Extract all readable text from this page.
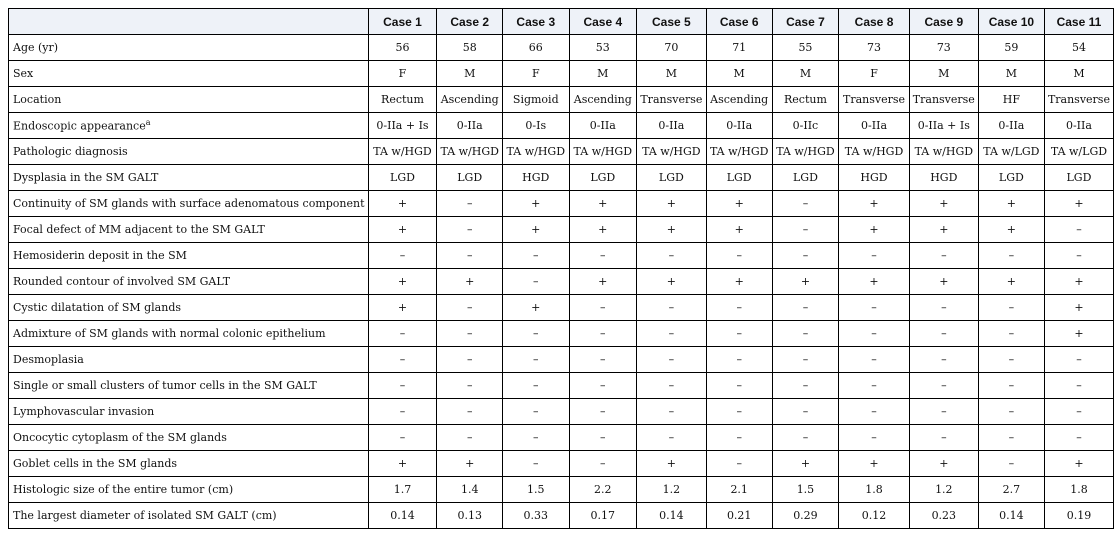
	Case 1	Case 2	Case 3	Case 4	Case 5	Case 6	Case 7	Case 8	Case 9	Case 10	Case 11
Age (yr)	56	58	66	53	70	71	55	73	73	59	54
Sex	F	M	F	M	M	M	M	F	M	M	M
Location	Rectum	Ascending	Sigmoid	Ascending	Transverse	Ascending	Rectum	Transverse	Transverse	HF	Transverse
Endoscopic appearance$^a$	0-IIa + Is	0-IIa	0-Is	0-IIa	0-IIa	0-IIa	0-IIc	0-IIa	0-IIa + Is	0-IIa	0-IIa
Pathologic diagnosis	TA w/HGD	TA w/HGD	TA w/HGD	TA w/HGD	TA w/HGD	TA w/HGD	TA w/HGD	TA w/HGD	TA w/HGD	TA w/LGD	TA w/LGD
Dysplasia in the SM GALT	LGD	LGD	HGD	LGD	LGD	LGD	LGD	HGD	HGD	LGD	LGD
Continuity of SM glands with surface adenomatous component	+	–	+	+	+	+	–	+	+	+	+
Focal defect of MM adjacent to the SM GALT	+	–	+	+	+	+	–	+	+	+	–
Hemosiderin deposit in the SM	–	–	–	–	–	–	–	–	–	–	–
Rounded contour of involved SM GALT	+	+	–	+	+	+	+	+	+	+	+
Cystic dilatation of SM glands	+	–	+	–	–	–	–	–	–	–	+
Admixture of SM glands with normal colonic epithelium	–	–	–	–	–	–	–	–	–	–	+
Desmoplasia	–	–	–	–	–	–	–	–	–	–	–
Single or small clusters of tumor cells in the SM GALT	–	–	–	–	–	–	–	–	–	–	–
Lymphovascular invasion	–	–	–	–	–	–	–	–	–	–	–
Oncocytic cytoplasm of the SM glands	–	–	–	–	–	–	–	–	–	–	–
Goblet cells in the SM glands	+	+	–	–	+	–	+	+	+	–	+
Histologic size of the entire tumor (cm)	1.7	1.4	1.5	2.2	1.2	2.1	1.5	1.8	1.2	2.7	1.8
The largest diameter of isolated SM GALT (cm)	0.14	0.13	0.33	0.17	0.14	0.21	0.29	0.12	0.23	0.14	0.19
